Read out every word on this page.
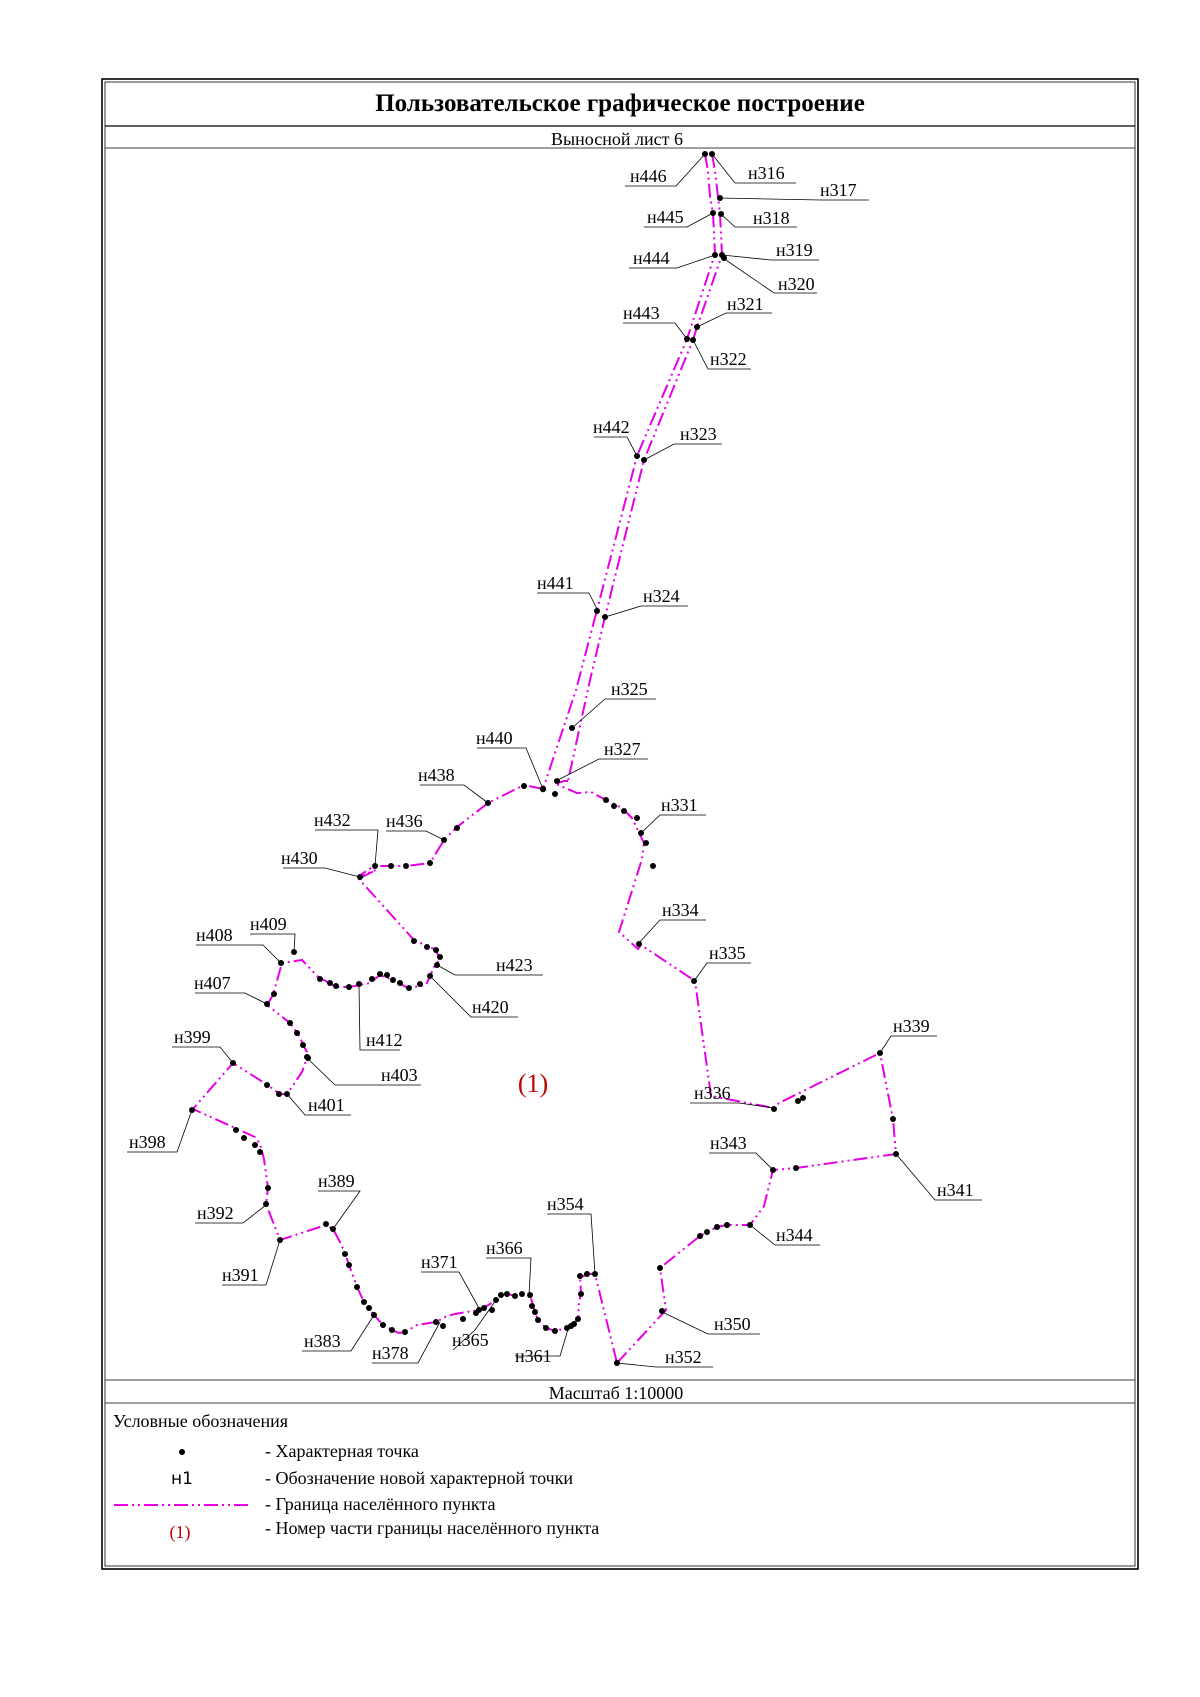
Пользовательское графическое построение
Выносной лист 6
н316
н317
н318
н319
н320
н321
н322
н323
н324
н325
н327
н331
н334
н335
н336
н339
н341
н343
н344
н350
н352
н354
н361
н365
н366
н371
н378
н383
н389
н391
н392
н398
н399
н401
н403
н407
н408
н409
н412
н420
н423
н430
н432 н436
н438
н440
н441
н442
н443
н444
н445
н446
(1)
Масштаб 1:10000
Условные обозначения
- Характерная точка
н1	- Обозначение новой характерной точки
- Граница населённого пункта
(1)	- Номер части границы населённого пункта
